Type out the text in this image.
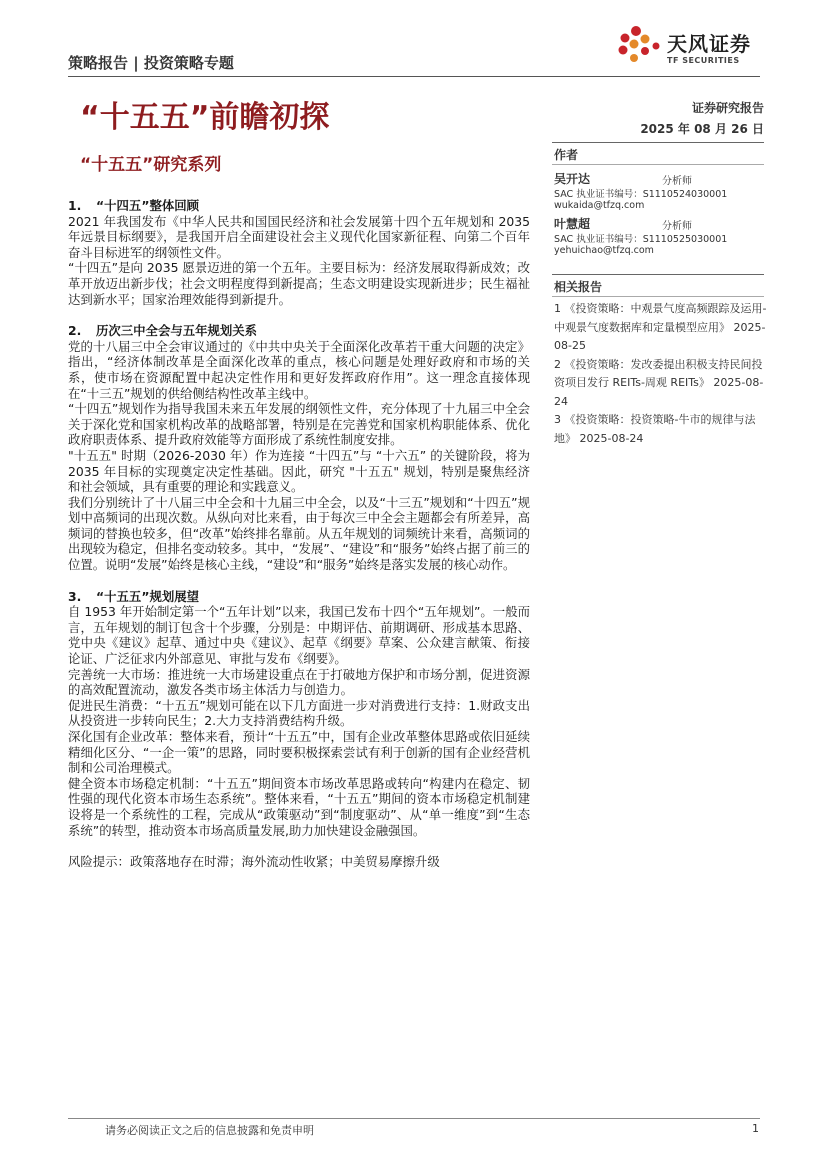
策略报告 | 投资策略专题
天风证券
TF SECURITIES
“十五五”前瞻初探
“十五五”研究系列
证券研究报告
2025 年 08 月 26 日
作者
吴开达	分析师
SAC 执业证书编号：S1110524030001
wukaida@tfzq.com
叶慧超	分析师
SAC 执业证书编号：S1110525030001
yehuichao@tfzq.com
相关报告
1 《投资策略：中观景气度高频跟踪及运用-中观景气度数据库和定量模型应用》 2025-08-25
2 《投资策略：发改委提出积极支持民间投资项目发行 REITs-周观 REITs》 2025-08-24
3 《投资策略：投资策略-牛市的规律与法地》 2025-08-24
1. “十四五”整体回顾

2021 年我国发布《中华人民共和国国民经济和社会发展第十四个五年规划和 2035 年远景目标纲要》，是我国开启全面建设社会主义现代化国家新征程、向第二个百年奋斗目标进军的纲领性文件。

“十四五”是向 2035 愿景迈进的第一个五年。主要目标为：经济发展取得新成效；改革开放迈出新步伐；社会文明程度得到新提高；生态文明建设实现新进步；民生福祉达到新水平；国家治理效能得到新提升。

2. 历次三中全会与五年规划关系

党的十八届三中全会审议通过的《中共中央关于全面深化改革若干重大问题的决定》指出，“经济体制改革是全面深化改革的重点，核心问题是处理好政府和市场的关系，使市场在资源配置中起决定性作用和更好发挥政府作用”。这一理念直接体现在“十三五”规划的供给侧结构性改革主线中。

“十四五”规划作为指导我国未来五年发展的纲领性文件，充分体现了十九届三中全会关于深化党和国家机构改革的战略部署，特别是在完善党和国家机构职能体系、优化政府职责体系、提升政府效能等方面形成了系统性制度安排。

"十五五" 时期（2026-2030 年）作为连接 “十四五”与 “十六五” 的关键阶段，将为 2035 年目标的实现奠定决定性基础。因此，研究 "十五五" 规划，特别是聚焦经济和社会领域，具有重要的理论和实践意义。

我们分别统计了十八届三中全会和十九届三中全会，以及“十三五”规划和“十四五”规划中高频词的出现次数。从纵向对比来看，由于每次三中全会主题都会有所差异，高频词的替换也较多，但“改革”始终排名靠前。从五年规划的词频统计来看，高频词的出现较为稳定，但排名变动较多。其中，“发展”、“建设”和“服务”始终占据了前三的位置。说明“发展”始终是核心主线，“建设”和“服务”始终是落实发展的核心动作。

3. “十五五”规划展望

自 1953 年开始制定第一个“五年计划”以来，我国已发布十四个“五年规划”。一般而言，五年规划的制订包含十个步骤，分别是：中期评估、前期调研、形成基本思路、党中央《建议》起草、通过中央《建议》、起草《纲要》草案、公众建言献策、衔接论证、广泛征求内外部意见、审批与发布《纲要》。

完善统一大市场：推进统一大市场建设重点在于打破地方保护和市场分割，促进资源的高效配置流动，激发各类市场主体活力与创造力。

促进民生消费：“十五五”规划可能在以下几方面进一步对消费进行支持：1.财政支出从投资进一步转向民生；2.大力支持消费结构升级。

深化国有企业改革：整体来看，预计“十五五”中，国有企业改革整体思路或依旧延续精细化区分、“一企一策”的思路，同时要积极探索尝试有利于创新的国有企业经营机制和公司治理模式。

健全资本市场稳定机制：“十五五”期间资本市场改革思路或转向“构建内在稳定、韧性强的现代化资本市场生态系统”。整体来看，“十五五”期间的资本市场稳定机制建设将是一个系统性的工程，完成从“政策驱动”到“制度驱动”、从“单一维度”到“生态系统”的转型，推动资本市场高质量发展,助力加快建设金融强国。

风险提示：政策落地存在时滞；海外流动性收紧；中美贸易摩擦升级

请务必阅读正文之后的信息披露和免责申明	1
